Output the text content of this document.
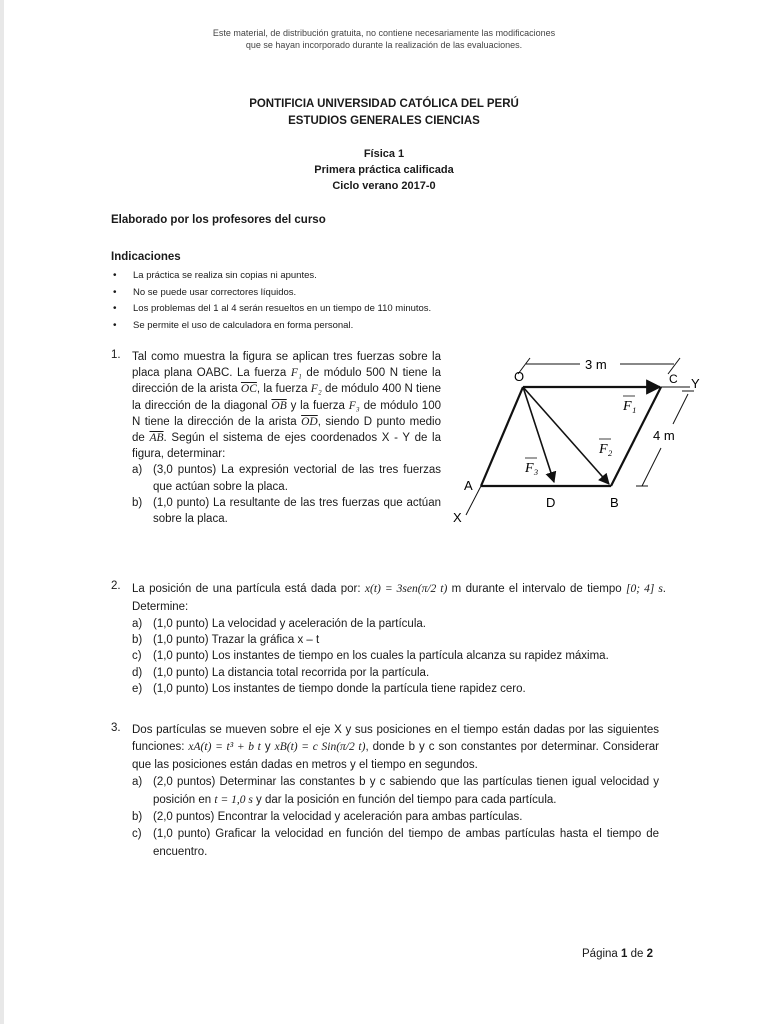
Este material, de distribución gratuita, no contiene necesariamente las modificaciones
que se hayan incorporado durante la realización de las evaluaciones.
PONTIFICIA UNIVERSIDAD CATÓLICA DEL PERÚ
ESTUDIOS GENERALES CIENCIAS
Física 1
Primera práctica calificada
Ciclo verano 2017-0
Elaborado por los profesores del curso
Indicaciones
• La práctica se realiza sin copias ni apuntes.
• No se puede usar correctores líquidos.
• Los problemas del 1 al 4 serán resueltos en un tiempo de 110 minutos.
• Se permite el uso de calculadora en forma personal.
1. Tal como muestra la figura se aplican tres fuerzas sobre la placa plana OABC. La fuerza F₁ de módulo 500 N tiene la dirección de la arista $\overline{OC}$, la fuerza F₂ de módulo 400 N tiene la dirección de la diagonal $\overline{OB}$ y la fuerza F₃ de módulo 100 N tiene la dirección de la arista $\overline{OD}$, siendo D punto medio de $\overline{AB}$. Según el sistema de ejes coordenados X - Y de la figura, determinar:
a) (3,0 puntos) La expresión vectorial de las tres fuerzas que actúan sobre la placa.
b) (1,0 punto) La resultante de las tres fuerzas que actúan sobre la placa.
O	C Y
A
D	B
X
3 m
4 m
F₁
F₂
F₃
2. La posición de una partícula está dada por: x(t) = 3sen(π/2 t) m durante el intervalo de tiempo [0; 4] s. Determine:
a) (1,0 punto) La velocidad y aceleración de la partícula.
b) (1,0 punto) Trazar la gráfica x – t
c) (1,0 punto) Los instantes de tiempo en los cuales la partícula alcanza su rapidez máxima.
d) (1,0 punto) La distancia total recorrida por la partícula.
e) (1,0 punto) Los instantes de tiempo donde la partícula tiene rapidez cero.
3. Dos partículas se mueven sobre el eje X y sus posiciones en el tiempo están dadas por las siguientes funciones: xA(t) = t³ + b t y xB(t) = c Sin(π/2 t), donde b y c son constantes por determinar. Considerar que las posiciones están dadas en metros y el tiempo en segundos.
a) (2,0 puntos) Determinar las constantes b y c sabiendo que las partículas tienen igual velocidad y posición en t = 1,0 s y dar la posición en función del tiempo para cada partícula.
b) (2,0 puntos) Encontrar la velocidad y aceleración para ambas partículas.
c) (1,0 punto) Graficar la velocidad en función del tiempo de ambas partículas hasta el tiempo de encuentro.
Página 1 de 2
